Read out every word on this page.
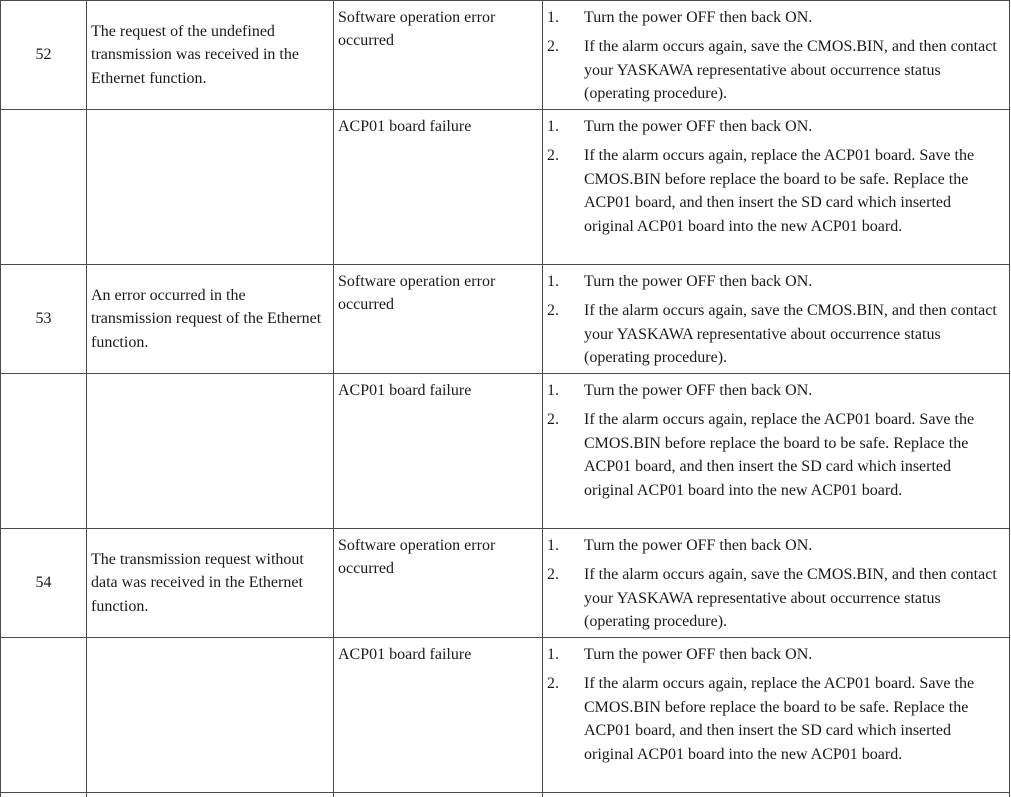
52	The request of the undefined transmission was received in the Ethernet function.	Software operation error occurred	1. Turn the power OFF then back ON.
2. If the alarm occurs again, save the CMOS.BIN, and then contact your YASKAWA representative about occurrence status (operating procedure).

		ACP01 board failure	1. Turn the power OFF then back ON.
2. If the alarm occurs again, replace the ACP01 board. Save the CMOS.BIN before replace the board to be safe. Replace the ACP01 board, and then insert the SD card which inserted original ACP01 board into the new ACP01 board.

53	An error occurred in the transmission request of the Ethernet function.	Software operation error occurred	1. Turn the power OFF then back ON.
2. If the alarm occurs again, save the CMOS.BIN, and then contact your YASKAWA representative about occurrence status (operating procedure).

		ACP01 board failure	1. Turn the power OFF then back ON.
2. If the alarm occurs again, replace the ACP01 board. Save the CMOS.BIN before replace the board to be safe. Replace the ACP01 board, and then insert the SD card which inserted original ACP01 board into the new ACP01 board.

54	The transmission request without data was received in the Ethernet function.	Software operation error occurred	1. Turn the power OFF then back ON.
2. If the alarm occurs again, save the CMOS.BIN, and then contact your YASKAWA representative about occurrence status (operating procedure).

		ACP01 board failure	1. Turn the power OFF then back ON.
2. If the alarm occurs again, replace the ACP01 board. Save the CMOS.BIN before replace the board to be safe. Replace the ACP01 board, and then insert the SD card which inserted original ACP01 board into the new ACP01 board.
